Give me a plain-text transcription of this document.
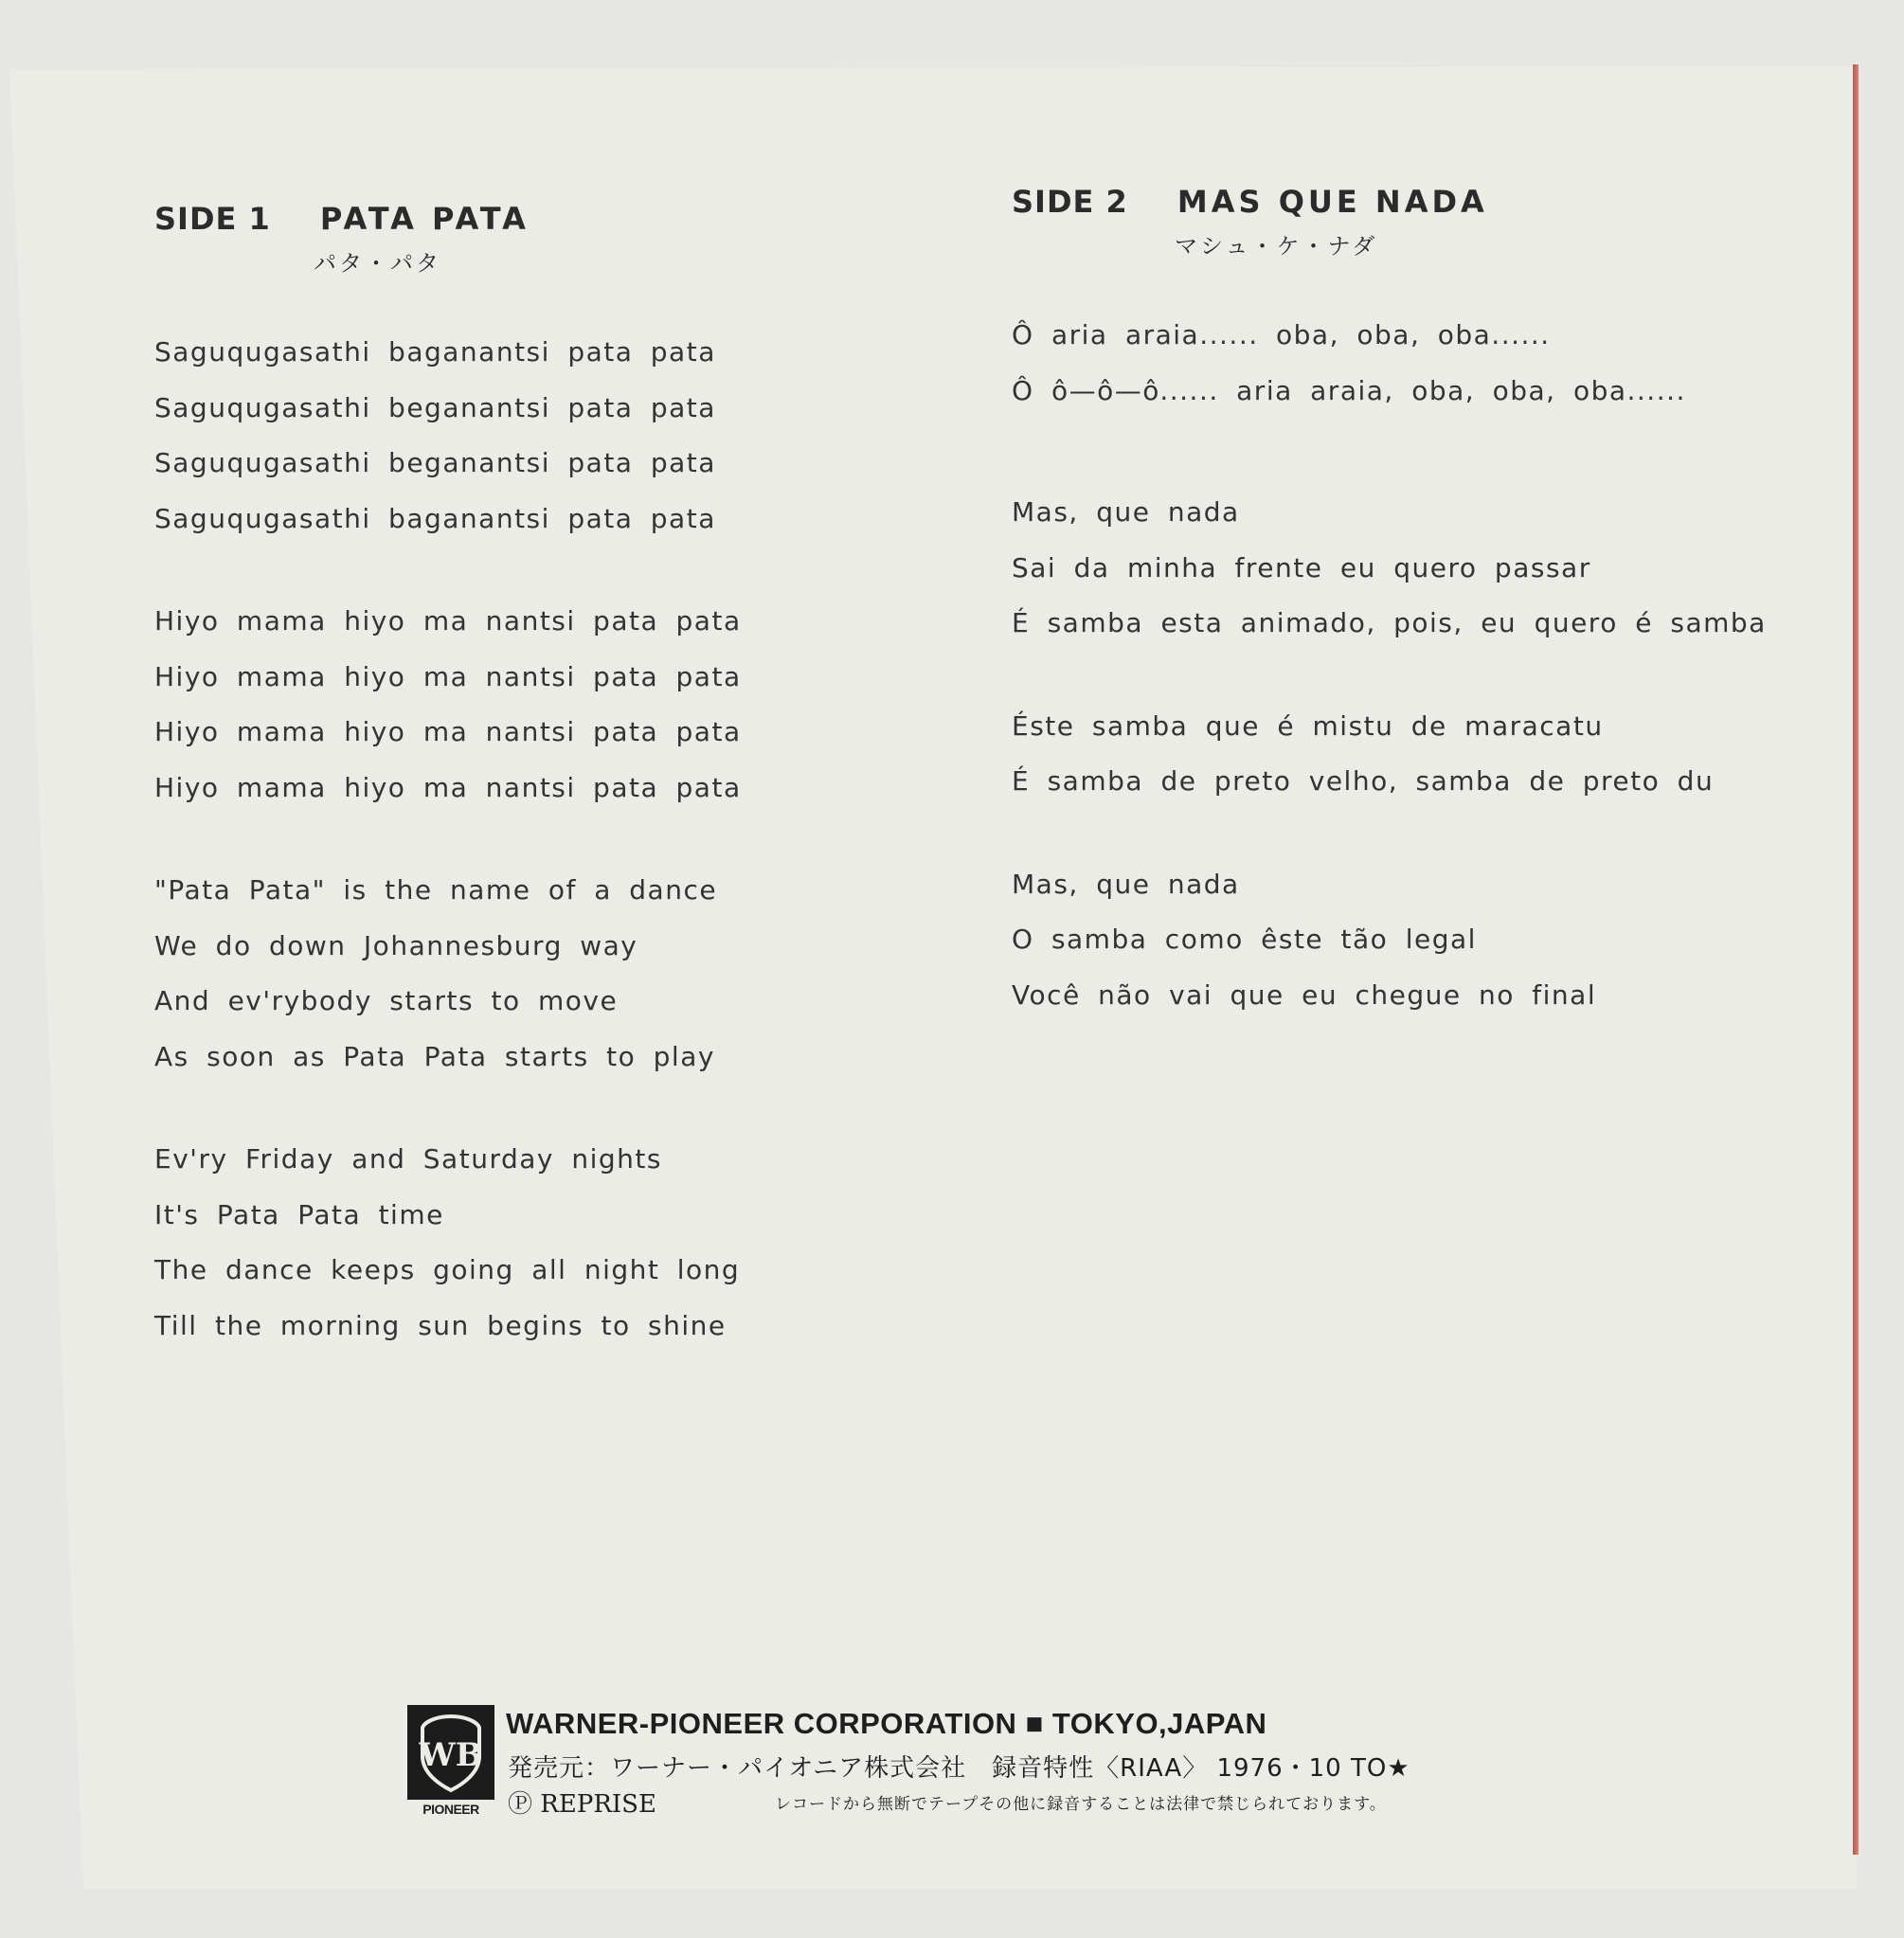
SIDE 1 PATA PATA
パタ・パタ
Saguqugasathi baganantsi pata pata
Saguqugasathi beganantsi pata pata
Saguqugasathi beganantsi pata pata
Saguqugasathi baganantsi pata pata
Hiyo mama hiyo ma nantsi pata pata
Hiyo mama hiyo ma nantsi pata pata
Hiyo mama hiyo ma nantsi pata pata
Hiyo mama hiyo ma nantsi pata pata
"Pata Pata" is the name of a dance
We do down Johannesburg way
And ev'rybody starts to move
As soon as Pata Pata starts to play
Ev'ry Friday and Saturday nights
It's Pata Pata time
The dance keeps going all night long
Till the morning sun begins to shine
SIDE 2 MAS QUE NADA
マシュ・ケ・ナダ
Ô aria araia...... oba, oba, oba......
Ô ô—ô—ô...... aria araia, oba, oba, oba......
Mas, que nada
Sai da minha frente eu quero passar
É samba esta animado, pois, eu quero é samba
Éste samba que é mistu de maracatu
É samba de preto velho, samba de preto du
Mas, que nada
O samba como êste tão legal
Você não vai que eu chegue no final
WB
PIONEER
WARNER-PIONEER CORPORATION ■ TOKYO,JAPAN
発売元：ワーナー・パイオニア株式会社　録音特性〈RIAA〉 1976・10 TO★
Ⓟ REPRISE	レコードから無断でテープその他に録音することは法律で禁じられております。
